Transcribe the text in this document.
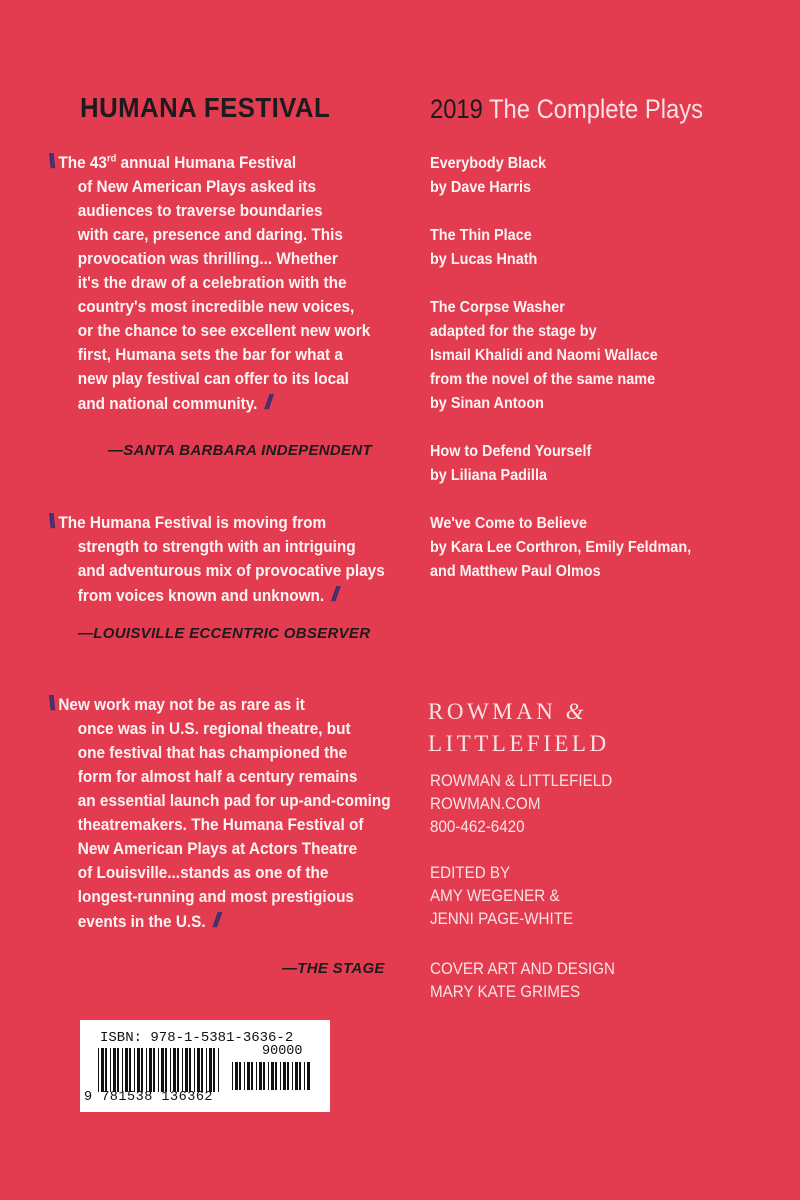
HUMANA FESTIVAL	2019 The Complete Plays
\\ The 43rd annual Humana Festival
of New American Plays asked its
audiences to traverse boundaries
with care, presence and daring. This
provocation was thrilling... Whether
it's the draw of a celebration with the
country's most incredible new voices,
or the chance to see excellent new work
first, Humana sets the bar for what a
new play festival can offer to its local
and national community. //
—SANTA BARBARA INDEPENDENT
\\ The Humana Festival is moving from
strength to strength with an intriguing
and adventurous mix of provocative plays
from voices known and unknown. //
—LOUISVILLE ECCENTRIC OBSERVER
\\ New work may not be as rare as it
once was in U.S. regional theatre, but
one festival that has championed the
form for almost half a century remains
an essential launch pad for up-and-coming
theatremakers. The Humana Festival of
New American Plays at Actors Theatre
of Louisville...stands as one of the
longest-running and most prestigious
events in the U.S. //
—THE STAGE
Everybody Black
by Dave Harris
The Thin Place
by Lucas Hnath
The Corpse Washer
adapted for the stage by
Ismail Khalidi and Naomi Wallace
from the novel of the same name
by Sinan Antoon
How to Defend Yourself
by Liliana Padilla
We've Come to Believe
by Kara Lee Corthron, Emily Feldman,
and Matthew Paul Olmos
ROWMAN &
LITTLEFIELD
ROWMAN & LITTLEFIELD
ROWMAN.COM
800-462-6420
EDITED BY
AMY WEGENER &
JENNI PAGE-WHITE
COVER ART AND DESIGN
MARY KATE GRIMES
ISBN: 978-1-5381-3636-2
90000
9 781538 136362
